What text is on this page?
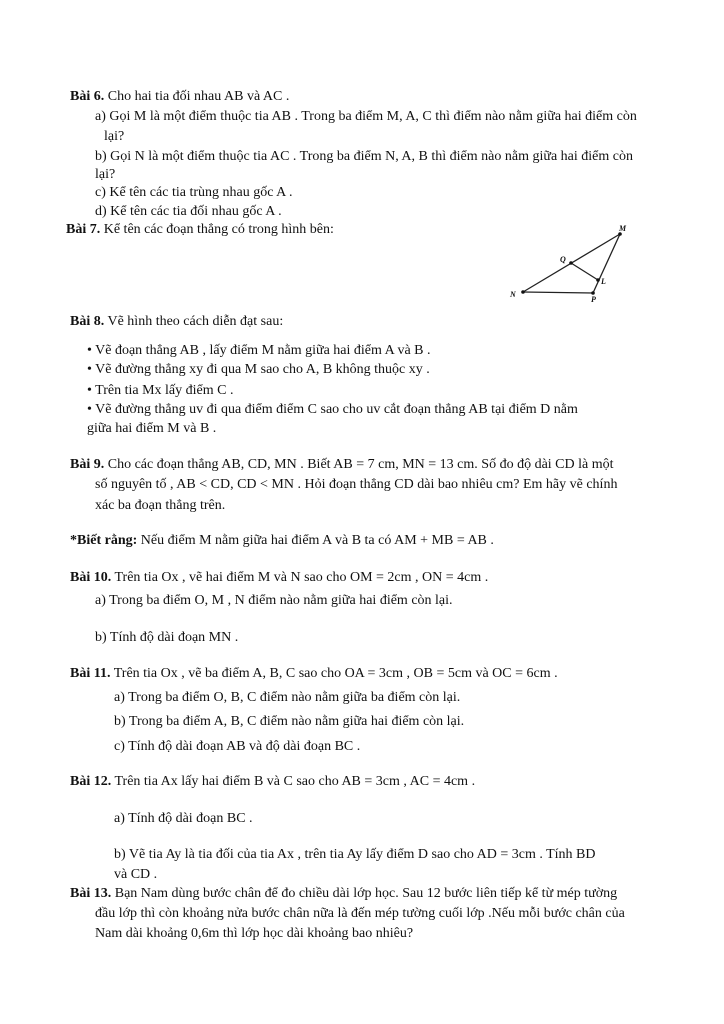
Bài 6. Cho hai tia đối nhau AB và AC .
a) Gọi M là một điểm thuộc tia AB . Trong ba điểm M, A, C thì điểm nào nằm giữa hai điểm còn
lại?
b) Gọi N là một điểm thuộc tia AC . Trong ba điểm N, A, B thì điểm nào nằm giữa hai điểm còn
lại?
c) Kể tên các tia trùng nhau gốc A .
d) Kể tên các tia đối nhau gốc A .
Bài 7. Kể tên các đoạn thẳng có trong hình bên:	M
Q
L
N
P
Bài 8. Vẽ hình theo cách diễn đạt sau:
• Vẽ đoạn thẳng AB , lấy điểm M nằm giữa hai điểm A và B .
• Vẽ đường thẳng xy đi qua M sao cho A, B không thuộc xy .
• Trên tia Mx lấy điểm C .
• Vẽ đường thẳng uv đi qua điểm điểm C sao cho uv cắt đoạn thẳng AB tại điểm D nằm
giữa hai điểm M và B .
Bài 9. Cho các đoạn thẳng AB, CD, MN . Biết AB = 7 cm, MN = 13 cm. Số đo độ dài CD là một
số nguyên tố , AB < CD, CD < MN . Hỏi đoạn thẳng CD dài bao nhiêu cm? Em hãy vẽ chính
xác ba đoạn thẳng trên.
*Biết rằng: Nếu điểm M nằm giữa hai điểm A và B ta có AM + MB = AB .
Bài 10. Trên tia Ox , vẽ hai điểm M và N sao cho OM = 2cm , ON = 4cm .
a) Trong ba điểm O, M , N điểm nào nằm giữa hai điểm còn lại.
b) Tính độ dài đoạn MN .
Bài 11. Trên tia Ox , vẽ ba điểm A, B, C sao cho OA = 3cm , OB = 5cm và OC = 6cm .
a) Trong ba điểm O, B, C điểm nào nằm giữa ba điểm còn lại.
b) Trong ba điểm A, B, C điểm nào nằm giữa hai điểm còn lại.
c) Tính độ dài đoạn AB và độ dài đoạn BC .
Bài 12. Trên tia Ax lấy hai điểm B và C sao cho AB = 3cm , AC = 4cm .
a) Tính độ dài đoạn BC .
b) Vẽ tia Ay là tia đối của tia Ax , trên tia Ay lấy điểm D sao cho AD = 3cm . Tính BD
và CD .
Bài 13. Bạn Nam dùng bước chân để đo chiều dài lớp học. Sau 12 bước liên tiếp kể từ mép tường
đầu lớp thì còn khoảng nửa bước chân nữa là đến mép tường cuối lớp .Nếu mỗi bước chân của
Nam dài khoảng 0,6m thì lớp học dài khoảng bao nhiêu?
